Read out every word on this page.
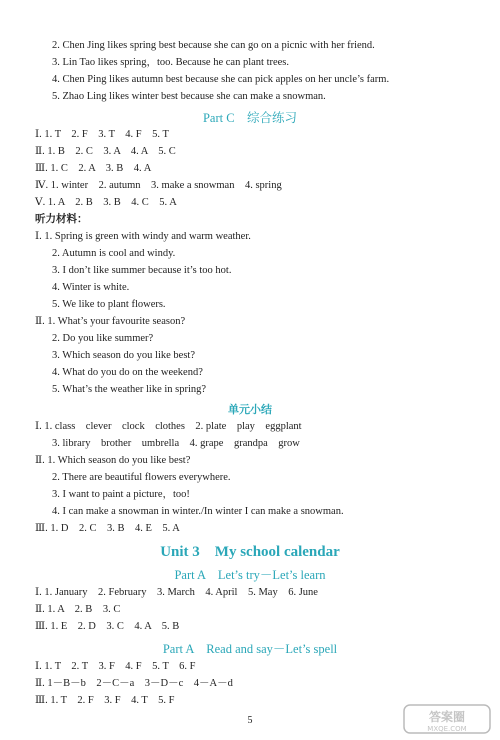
2. Chen Jing likes spring best because she can go on a picnic with her friend.
3. Lin Tao likes spring，too. Because he can plant trees.
4. Chen Ping likes autumn best because she can pick apples on her uncle’s farm.
5. Zhao Ling likes winter best because she can make a snowman.
Part C　综合练习
Ⅰ. 1. T　2. F　3. T　4. F　5. T
Ⅱ. 1. B　2. C　3. A　4. A　5. C
Ⅲ. 1. C　2. A　3. B　4. A
Ⅳ. 1. winter　2. autumn　3. make a snowman　4. spring
Ⅴ. 1. A　2. B　3. B　4. C　5. A
听力材料：
Ⅰ. 1. Spring is green with windy and warm weather.
2. Autumn is cool and windy.
3. I don’t like summer because it’s too hot.
4. Winter is white.
5. We like to plant flowers.
Ⅱ. 1. What’s your favourite season?
2. Do you like summer?
3. Which season do you like best?
4. What do you do on the weekend?
5. What’s the weather like in spring?
单元小结
Ⅰ. 1. class　clever　clock　clothes　2. plate　play　eggplant
3. library　brother　umbrella　4. grape　grandpa　grow
Ⅱ. 1. Which season do you like best?
2. There are beautiful flowers everywhere.
3. I want to paint a picture，too!
4. I can make a snowman in winter./In winter I can make a snowman.
Ⅲ. 1. D　2. C　3. B　4. E　5. A
Unit 3　My school calendar
Part A　Let’s try－Let’s learn
Ⅰ. 1. January　2. February　3. March　4. April　5. May　6. June
Ⅱ. 1. A　2. B　3. C
Ⅲ. 1. E　2. D　3. C　4. A　5. B
Part A　Read and say－Let’s spell
Ⅰ. 1. T　2. T　3. F　4. F　5. T　6. F
Ⅱ. 1－B－b　2－C－a　3－D－c　4－A－d
Ⅲ. 1. T　2. F　3. F　4. T　5. F
5	答案圈
MXQE.COM
